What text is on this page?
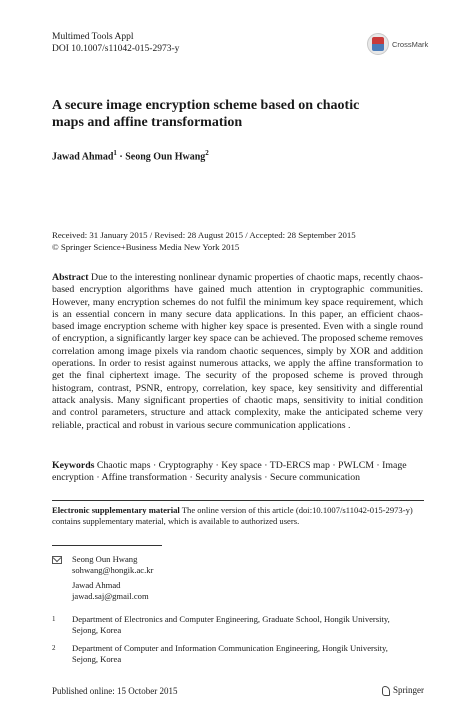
Multimed Tools Appl
DOI 10.1007/s11042-015-2973-y	CrossMark
A secure image encryption scheme based on chaotic
maps and affine transformation
Jawad Ahmad$^1$ · Seong Oun Hwang$^2$
Received: 31 January 2015 / Revised: 28 August 2015 / Accepted: 28 September 2015
© Springer Science+Business Media New York 2015
Abstract Due to the interesting nonlinear dynamic properties of chaotic maps, recently chaos-based encryption algorithms have gained much attention in cryptographic communities. However, many encryption schemes do not fulfil the minimum key space requirement, which is an essential concern in many secure data applications. In this paper, an efficient chaos-based image encryption scheme with higher key space is presented. Even with a single round of encryption, a significantly larger key space can be achieved. The proposed scheme removes correlation among image pixels via random chaotic sequences, simply by XOR and addition operations. In order to resist against numerous attacks, we apply the affine transformation to get the final ciphertext image. The security of the proposed scheme is proved through histogram, contrast, PSNR, entropy, correlation, key space, key sensitivity and differential attack analysis. Many significant properties of chaotic maps, sensitivity to initial condition and control parameters, structure and attack complexity, make the anticipated scheme very reliable, practical and robust in various secure communication applications .
Keywords Chaotic maps · Cryptography · Key space · TD-ERCS map · PWLCM · Image encryption · Affine transformation · Security analysis · Secure communication
Electronic supplementary material The online version of this article (doi:10.1007/s11042-015-2973-y) contains supplementary material, which is available to authorized users.
Seong Oun Hwang
sohwang@hongik.ac.kr
Jawad Ahmad
jawad.saj@gmail.com
1 Department of Electronics and Computer Engineering, Graduate School, Hongik University,
Sejong, Korea
2 Department of Computer and Information Communication Engineering, Hongik University,
Sejong, Korea
Published online: 15 October 2015	Springer
